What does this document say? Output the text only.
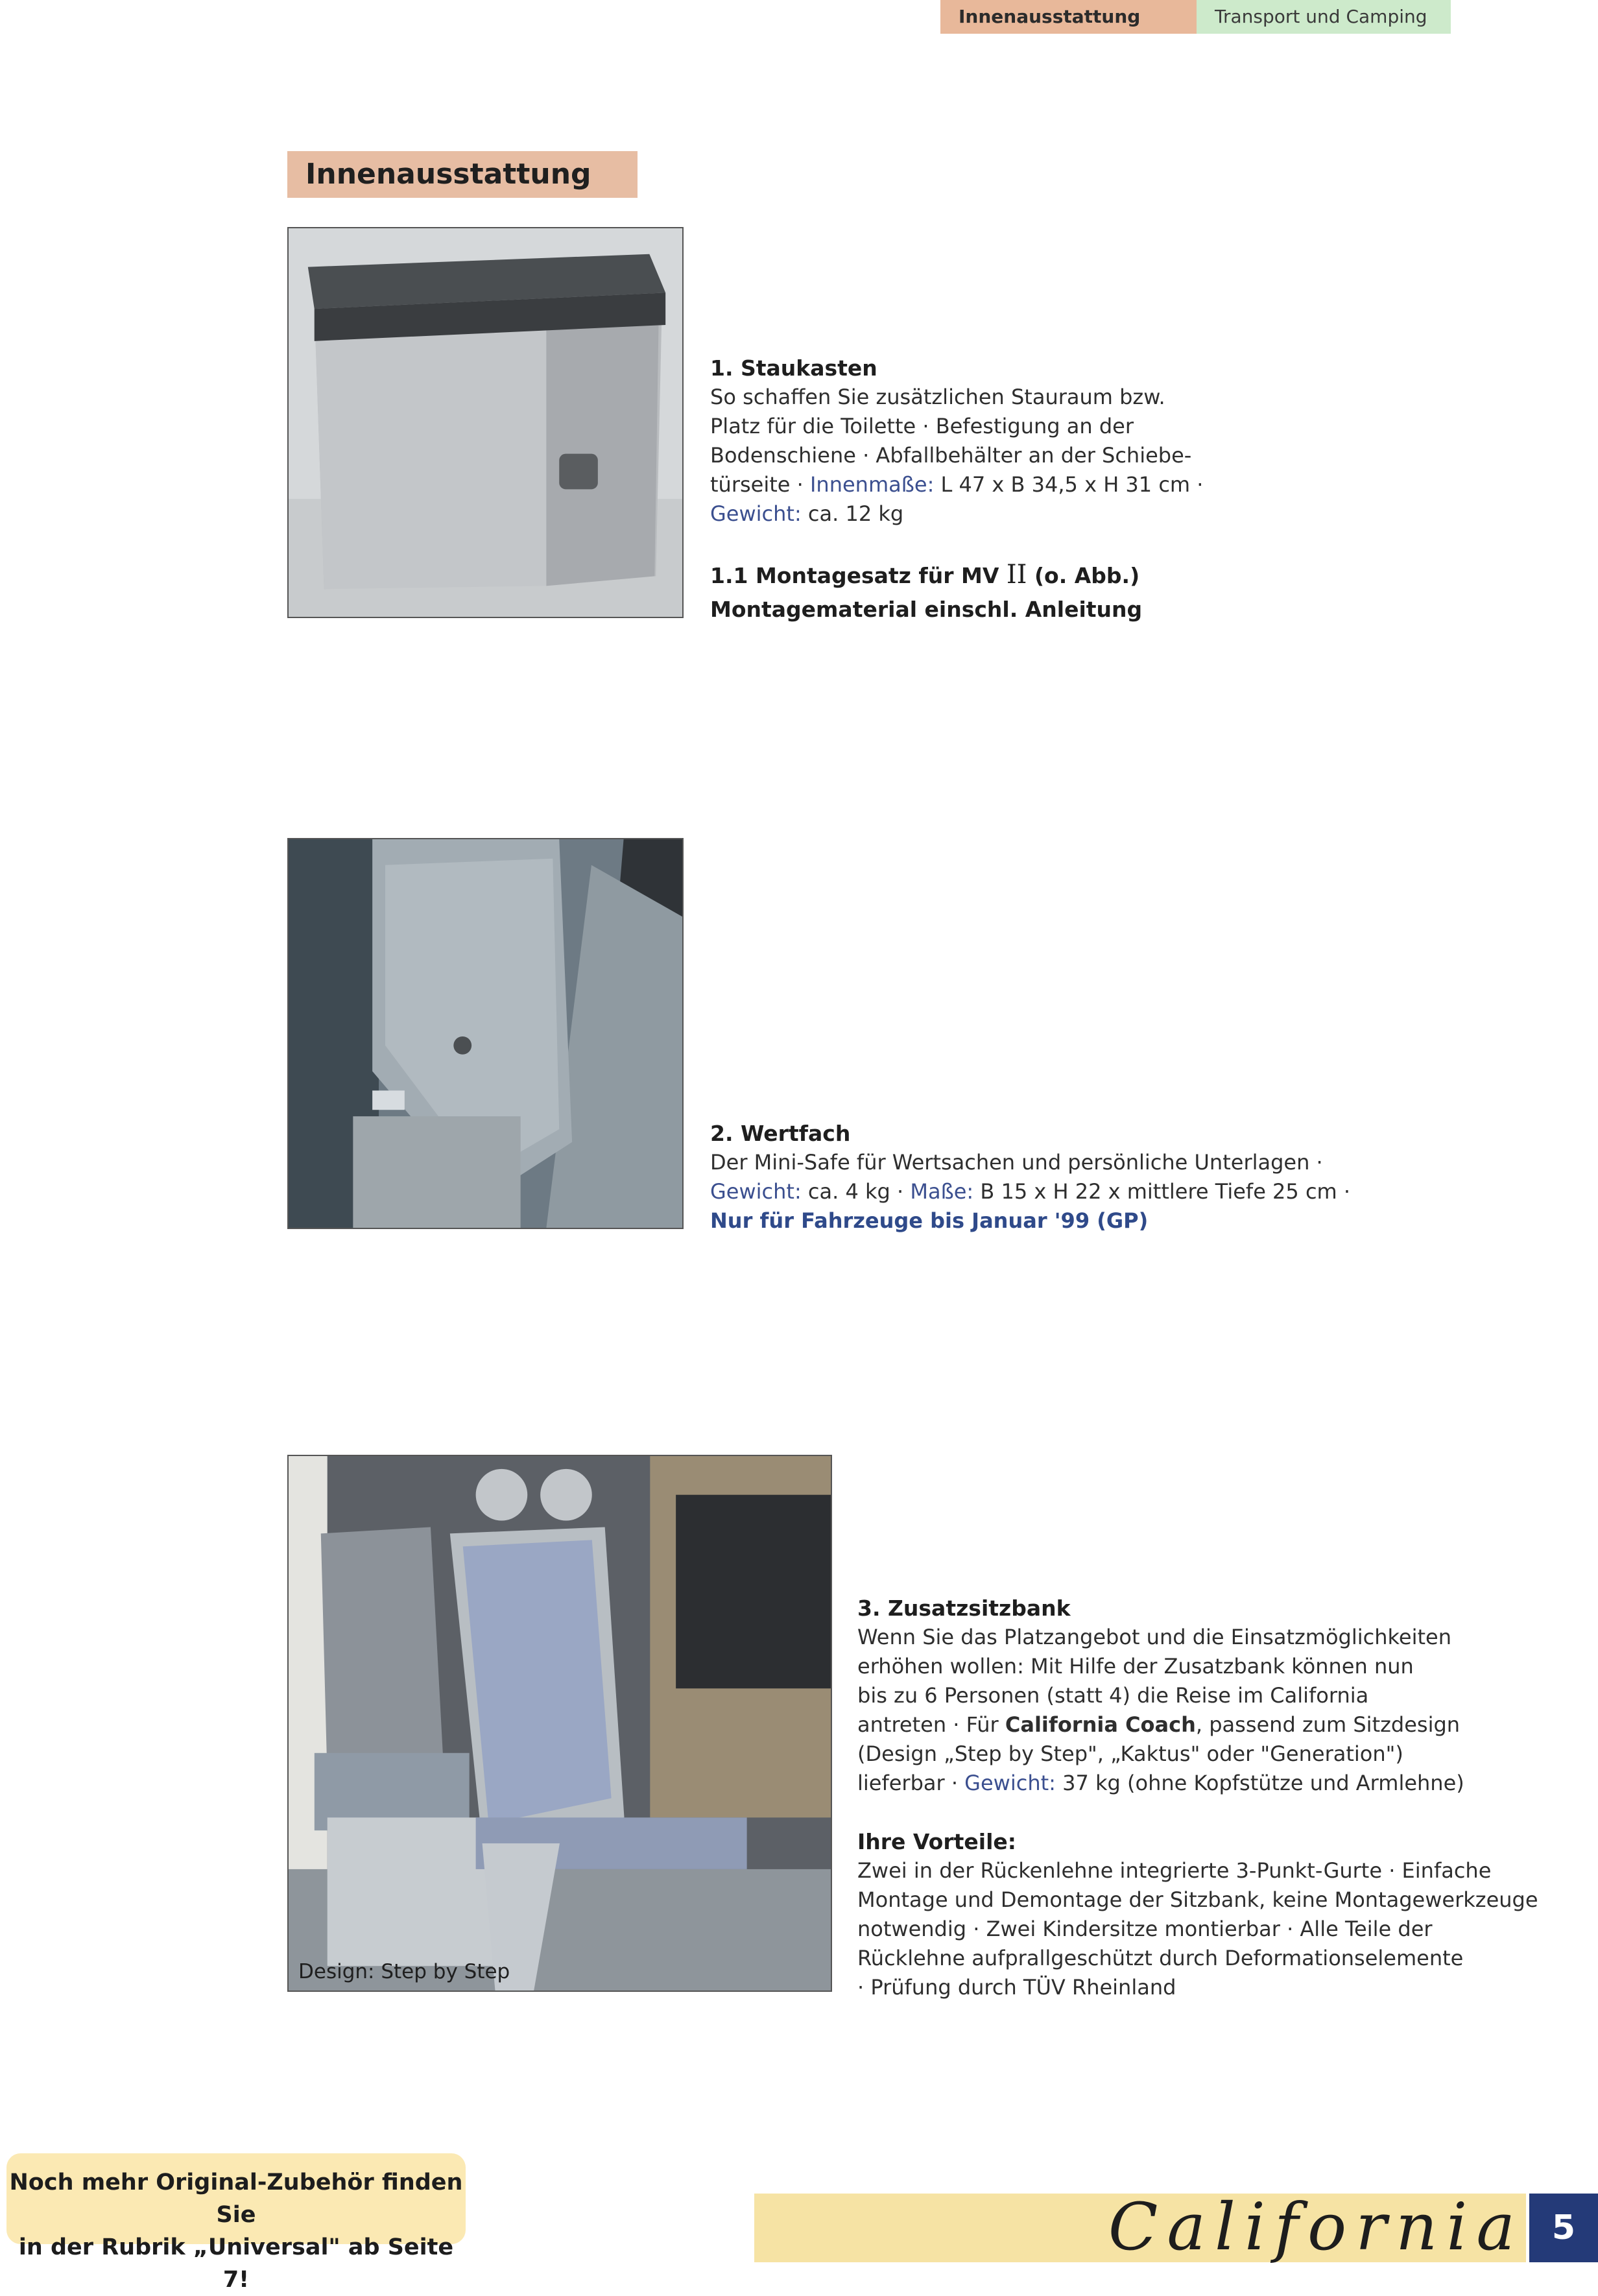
Innenausstattung	Transport und Camping
Innenausstattung
1. Staukasten

So schaffen Sie zusätzlichen Stauraum bzw.

Platz für die Toilette · Befestigung an der

Bodenschiene · Abfallbehälter an der Schiebe-

türseite · Innenmaße: L 47 x B 34,5 x H 31 cm ·

Gewicht: ca. 12 kg

1.1 Montagesatz für MV II (o. Abb.)

Montagematerial einschl. Anleitung

2. Wertfach

Der Mini-Safe für Wertsachen und persönliche Unterlagen ·

Gewicht: ca. 4 kg · Maße: B 15 x H 22 x mittlere Tiefe 25 cm ·

Nur für Fahrzeuge bis Januar '99 (GP)

Design: Step by Step
3. Zusatzsitzbank

Wenn Sie das Platzangebot und die Einsatzmöglichkeiten

erhöhen wollen: Mit Hilfe der Zusatzbank können nun

bis zu 6 Personen (statt 4) die Reise im California

antreten · Für California Coach, passend zum Sitzdesign

(Design „Step by Step", „Kaktus" oder "Generation")

lieferbar · Gewicht: 37 kg (ohne Kopfstütze und Armlehne)

Ihre Vorteile:

Zwei in der Rückenlehne integrierte 3-Punkt-Gurte · Einfache

Montage und Demontage der Sitzbank, keine Montagewerkzeuge

notwendig · Zwei Kindersitze montierbar · Alle Teile der

Rücklehne aufprallgeschützt durch Deformationselemente

· Prüfung durch TÜV Rheinland

Noch mehr Original-Zubehör finden Sie
in der Rubrik „Universal" ab Seite 7!
California 5
